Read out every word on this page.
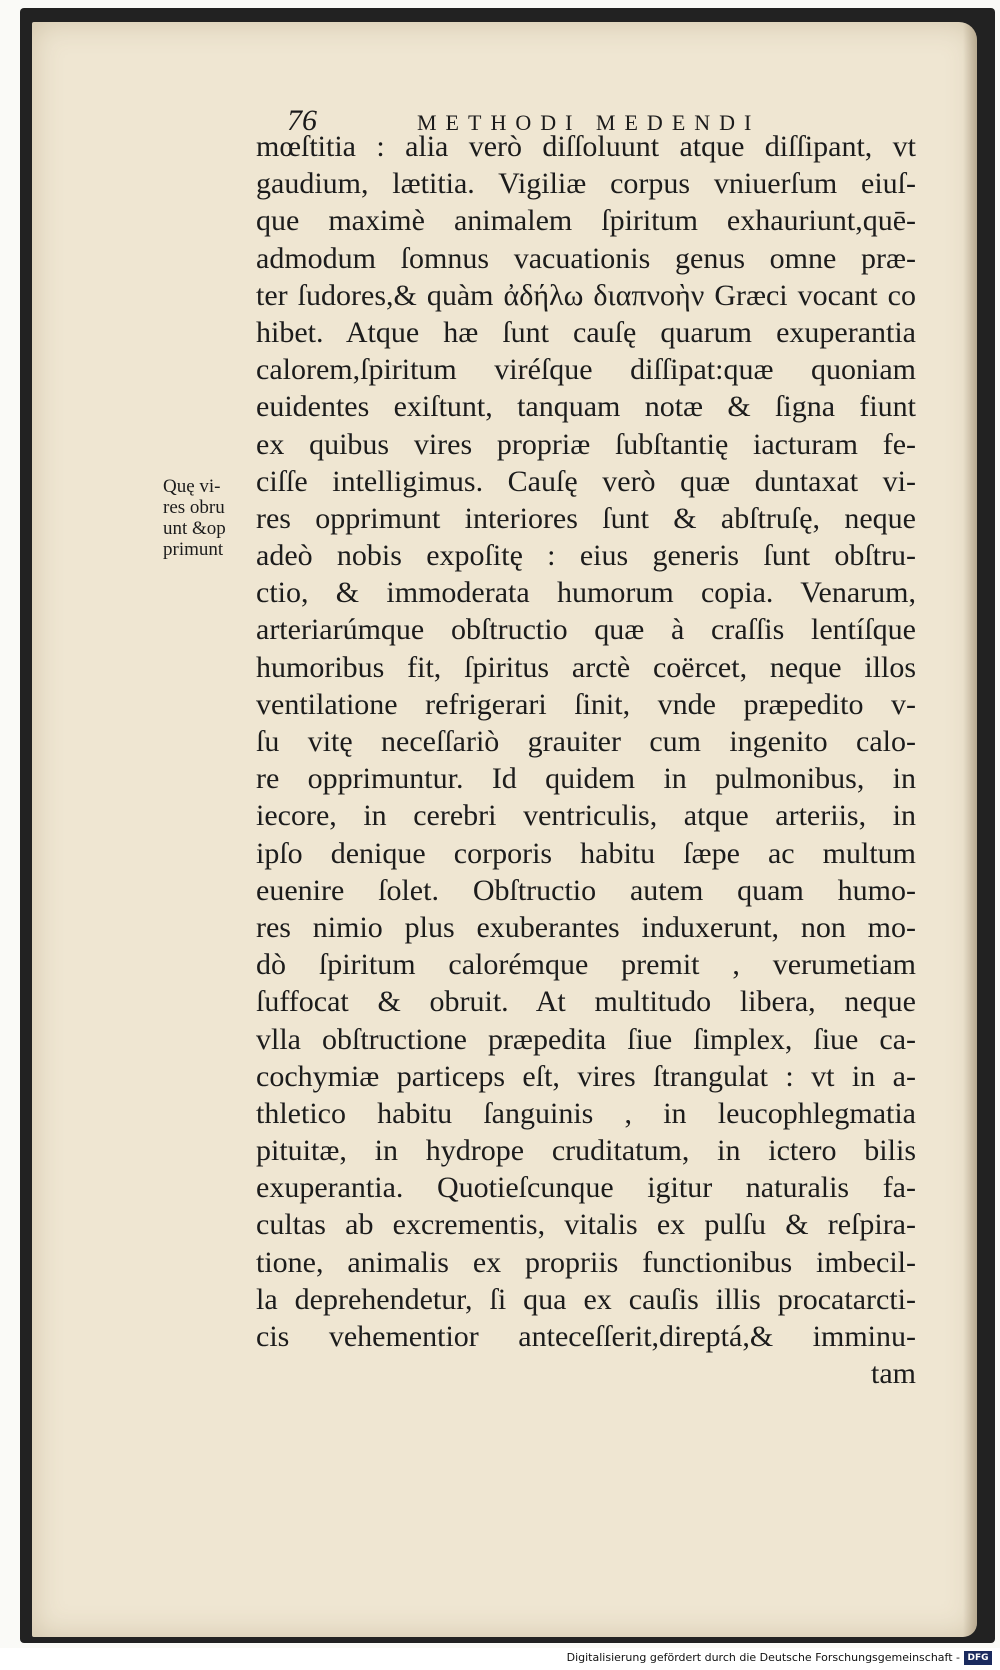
76	METHODI MEDENDI
Quę vi-
res obru
unt &op
primunt
mœſtitia : alia verò diſſoluunt atque diſſipant, vt
gaudium, lætitia. Vigiliæ corpus vniuerſum eiuſ-
que maximè animalem ſpiritum exhauriunt,quē-
admodum ſomnus vacuationis genus omne præ-
ter ſudores,& quàm ἀδήλω διαπνοὴν Græci vocant co
hibet. Atque hæ ſunt cauſę quarum exuperantia
calorem,ſpiritum viréſque diſſipat:quæ quoniam
euidentes exiſtunt, tanquam notæ & ſigna fiunt
ex quibus vires propriæ ſubſtantię iacturam fe-
ciſſe intelligimus. Cauſę verò quæ duntaxat vi-
res opprimunt interiores ſunt & abſtruſę, neque
adeò nobis expoſitę : eius generis ſunt obſtru-
ctio, & immoderata humorum copia. Venarum,
arteriarúmque obſtructio quæ à craſſis lentíſque
humoribus fit, ſpiritus arctè coërcet, neque illos
ventilatione refrigerari ſinit, vnde præpedito v-
ſu vitę neceſſariò grauiter cum ingenito calo-
re opprimuntur. Id quidem in pulmonibus, in
iecore, in cerebri ventriculis, atque arteriis, in
ipſo denique corporis habitu ſæpe ac multum
euenire ſolet. Obſtructio autem quam humo-
res nimio plus exuberantes induxerunt, non mo-
dò ſpiritum calorémque premit , verumetiam
ſuffocat & obruit. At multitudo libera, neque
vlla obſtructione præpedita ſiue ſimplex, ſiue ca-
cochymiæ particeps eſt, vires ſtrangulat : vt in a-
thletico habitu ſanguinis , in leucophlegmatia
pituitæ, in hydrope cruditatum, in ictero bilis
exuperantia. Quotieſcunque igitur naturalis fa-
cultas ab excrementis, vitalis ex pulſu & reſpira-
tione, animalis ex propriis functionibus imbecil-
la deprehendetur, ſi qua ex cauſis illis procatarcti-
cis vehementior anteceſſerit,direptá,& imminu-
tam
Digitalisierung gefördert durch die Deutsche Forschungsgemeinschaft - DFG
